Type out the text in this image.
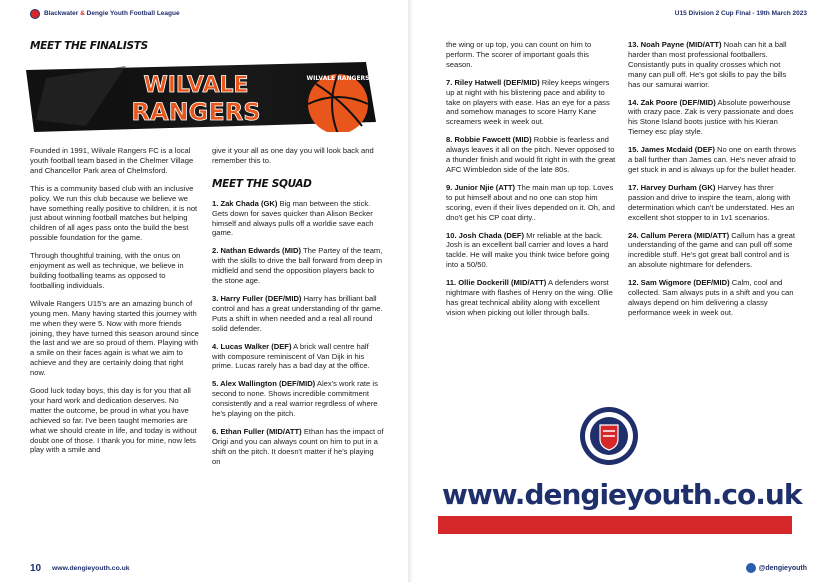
Blackwater & Dengie Youth Football League
MEET THE FINALISTS
WILVALE
RANGERS
WILVALE RANGERS

Founded in 1991, Wilvale Rangers FC is a local youth football team based in the Chelmer Village and Chancellor Park area of Chelmsford.

This is a community based club with an inclusive policy. We run this club because we believe we have something really positive to children, it is not just about winning football matches but helping children of all ages pass onto the build the best possible foundation for the game.

Through thoughtful training, with the onus on enjoyment as well as technique, we believe in building footballing teams as opposed to footballing individuals.

Wilvale Rangers U15's are an amazing bunch of young men. Many having started this journey with me when they were 5. Now with more friends joining, they have turned this season around since the last and we are so proud of them. Playing with a smile on their faces again is what we aim to achieve and they are certainly doing that right now.

Good luck today boys, this day is for you that all your hard work and dedication deserves. No matter the outcome, be proud in what you have achieved so far. I've been taught memories are what we should create in life, and today is without doubt one of those. I thank you for mine, now lets play with a smile and

give it your all as one day you will look back and remember this to.

MEET THE SQUAD
1. Zak Chada (GK) Big man between the stick. Gets down for saves quicker than Alison Becker himself and always pulls off a worldie save each game.
2. Nathan Edwards (MID) The Partey of the team, with the skills to drive the ball forward from deep in midfield and send the opposition players back to the stone age.
3. Harry Fuller (DEF/MID) Harry has brilliant ball control and has a great understanding of thr game. Puts a shift in when needed and a real all round solid defender.
4. Lucas Walker (DEF) A brick wall centre half with composure reminiscent of Van Dijk in his prime. Lucas rarely has a bad day at the office.
5. Alex Wallington (DEF/MID) Alex's work rate is second to none. Shows incredible commitment consistently and a real warrior regrdless of where he's playing on the pitch.
6. Ethan Fuller (MID/ATT) Ethan has the impact of Origi and you can always count on him to put in a shift on the pitch. It doesn't matter if he's playing on
10 www.dengieyouth.co.uk
U15 Division 2 Cup Final - 19th March 2023

the wing or up top, you can count on him to perform. The scorer of important goals this season.

7. Riley Hatwell (DEF/MID) Riley keeps wingers up at night with his blistering pace and ability to take on players with ease. Has an eye for a pass and somehow manages to score Harry Kane screamers week in week out.
8. Robbie Fawcett (MID) Robbie is fearless and always leaves it all on the pitch. Never opposed to a thunder finish and would fit right in with the great AFC Wimbledon side of the late 80s.
9. Junior Njie (ATT) The main man up top. Loves to put himself about and no one can stop him scoring, even if their lives depended on it. Oh, and dno't get his CP coat dirty..
10. Josh Chada (DEF) Mr reliable at the back. Josh is an excellent ball carrier and loves a hard tackle. He will make you think twice before going into a 50/50.
11. Ollie Dockerill (MID/ATT) A defenders worst nightmare with flashes of Henry on the wing. Ollie has great technical ability along with excellent vision when picking out killer through balls.
13. Noah Payne (MID/ATT) Noah can hit a ball harder than most professional footballers. Consistantly puts in quality crosses which not many can pull off. He's got skills to pay the bills has our samurai warrior.
14. Zak Poore (DEF/MID) Absolute powerhouse with crazy pace. Zak is very passionate and does his Stone Island boots justice with his Kieran Tierney esc play style.
15. James Mcdaid (DEF) No one on earth throws a ball further than James can. He's never afraid to get stuck in and is always up for the bullet header.
17. Harvey Durham (GK) Harvey has threr passion and drive to inspire the team, along with determination which can't be understated. Hes an excellent shot stopper to in 1v1 scenarios.
24. Callum Perera (MID/ATT) Callum has a great understanding of the game and can pull off some incredible stuff. He's got great ball control and is an absolute nightmare for defenders.
12. Sam Wigmore (DEF/MID) Calm, cool and collected. Sam always puts in a shift and you can always depend on him delivering a classy performance week in week out.
www.dengieyouth.co.uk
@dengieyouth
